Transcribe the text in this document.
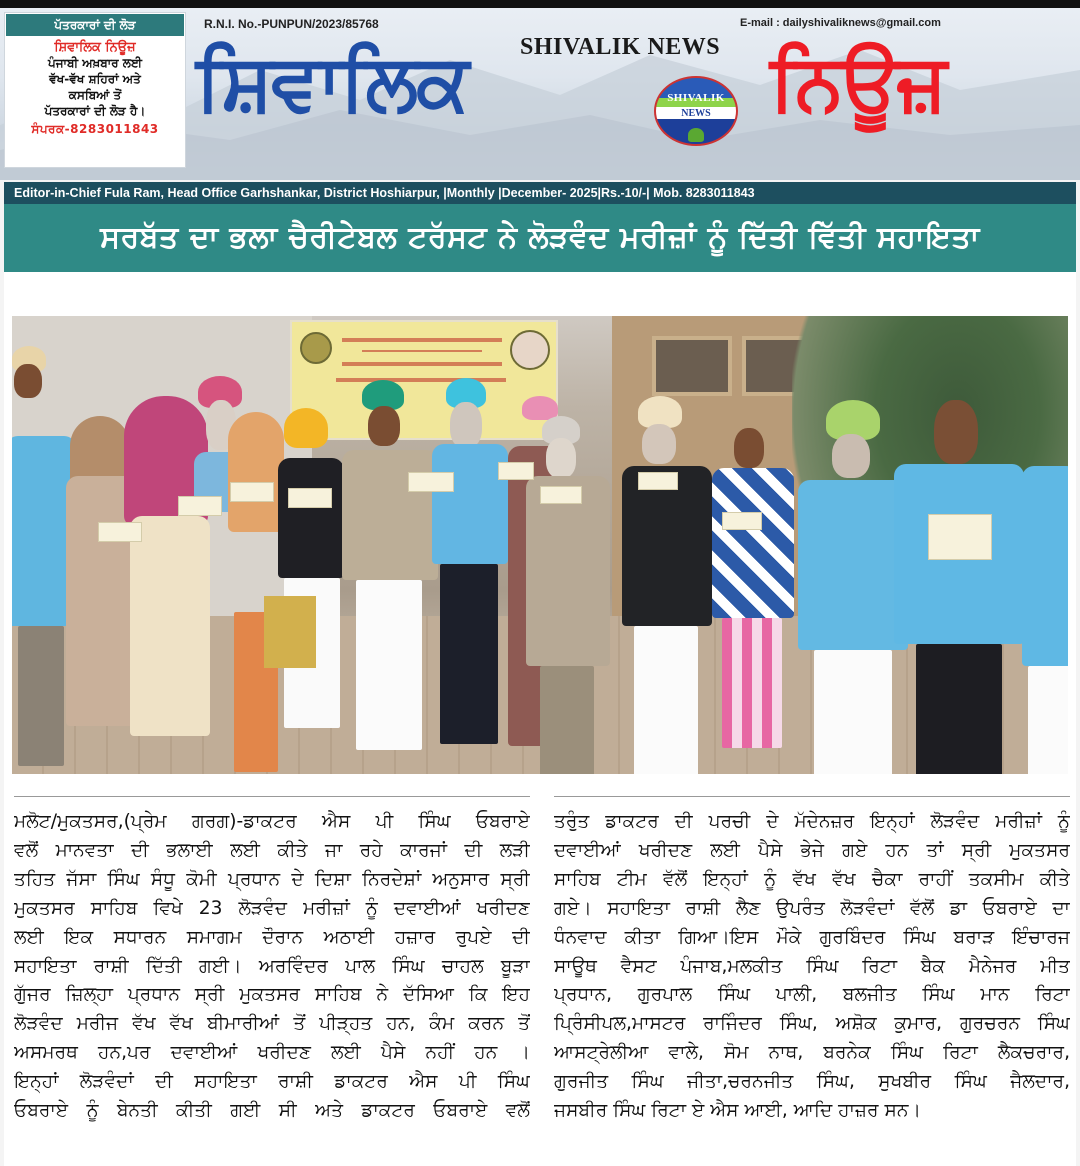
ਪੱਤਰਕਾਰਾਂ ਦੀ ਲੋੜ
ਸ਼ਿਵਾਲਿਕ ਨਿਊਜ਼
ਪੰਜਾਬੀ ਅਖ਼ਬਾਰ ਲਈ
ਵੱਖ-ਵੱਖ ਸ਼ਹਿਰਾਂ ਅਤੇ
ਕਸਬਿਆਂ ਤੋਂ
ਪੱਤਰਕਾਰਾਂ ਦੀ ਲੋੜ ਹੈ।
ਸੰਪਰਕ-8283011843
R.N.I. No.-PUNPUN/2023/85768	E-mail : dailyshivaliknews@gmail.com
SHIVALIK NEWS
ਸ਼ਿਵਾਲਿਕ	SHIVALIK
NEWS ਨਿਊਜ਼
Editor-in-Chief Fula Ram, Head Office Garhshankar, District Hoshiarpur, |Monthly |December- 2025|Rs.-10/-| Mob. 8283011843
ਸਰਬੱਤ ਦਾ ਭਲਾ ਚੈਰੀਟੇਬਲ ਟਰੱਸਟ ਨੇ ਲੋੜਵੰਦ ਮਰੀਜ਼ਾਂ ਨੂੰ ਦਿੱਤੀ ਵਿੱਤੀ ਸਹਾਇਤਾ

ਮਲੋਟ/ਮੁਕਤਸਰ,(ਪ੍ਰੇਮ ਗਰਗ)-ਡਾਕਟਰ ਐਸ ਪੀ ਸਿੰਘ ਓਬਰਾਏ

ਵਲੋਂ ਮਾਨਵਤਾ ਦੀ ਭਲਾਈ ਲਈ ਕੀਤੇ ਜਾ ਰਹੇ ਕਾਰਜਾਂ ਦੀ ਲੜੀ

ਤਹਿਤ ਜੱਸਾ ਸਿੰਘ ਸੰਧੂ ਕੋਮੀ ਪ੍ਰਧਾਨ ਦੇ ਦਿਸ਼ਾ ਨਿਰਦੇਸ਼ਾਂ ਅਨੁਸਾਰ ਸ੍ਰੀ

ਮੁਕਤਸਰ ਸਾਹਿਬ ਵਿਖੇ 23 ਲੋੜਵੰਦ ਮਰੀਜ਼ਾਂ ਨੂੰ ਦਵਾਈਆਂ ਖਰੀਦਣ

ਲਈ ਇਕ ਸਧਾਰਨ ਸਮਾਗਮ ਦੌਰਾਨ ਅਠਾਈ ਹਜ਼ਾਰ ਰੁਪਏ ਦੀ

ਸਹਾਇਤਾ ਰਾਸ਼ੀ ਦਿੱਤੀ ਗਈ। ਅਰਵਿੰਦਰ ਪਾਲ ਸਿੰਘ ਚਾਹਲ ਬੂੜਾ

ਗੁੱਜਰ ਜ਼ਿਲ੍ਹਾ ਪ੍ਰਧਾਨ ਸ੍ਰੀ ਮੁਕਤਸਰ ਸਾਹਿਬ ਨੇ ਦੱਸਿਆ ਕਿ ਇਹ

ਲੋੜਵੰਦ ਮਰੀਜ ਵੱਖ ਵੱਖ ਬੀਮਾਰੀਆਂ ਤੋਂ ਪੀੜ੍ਹਤ ਹਨ, ਕੰਮ ਕਰਨ ਤੋਂ

ਅਸਮਰਥ ਹਨ,ਪਰ ਦਵਾਈਆਂ ਖਰੀਦਣ ਲਈ ਪੈਸੇ ਨਹੀਂ ਹਨ ।

ਇਨ੍ਹਾਂ ਲੋੜਵੰਦਾਂ ਦੀ ਸਹਾਇਤਾ ਰਾਸ਼ੀ ਡਾਕਟਰ ਐਸ ਪੀ ਸਿੰਘ

ਓਬਰਾਏ ਨੂੰ ਬੇਨਤੀ ਕੀਤੀ ਗਈ ਸੀ ਅਤੇ ਡਾਕਟਰ ਓਬਰਾਏ ਵਲੋਂ

ਤਰੁੰਤ ਡਾਕਟਰ ਦੀ ਪਰਚੀ ਦੇ ਮੱਦੇਨਜ਼ਰ ਇਨ੍ਹਾਂ ਲੋੜਵੰਦ ਮਰੀਜ਼ਾਂ ਨੂੰ

ਦਵਾਈਆਂ ਖਰੀਦਣ ਲਈ ਪੈਸੇ ਭੇਜੇ ਗਏ ਹਨ ਤਾਂ ਸ੍ਰੀ ਮੁਕਤਸਰ

ਸਾਹਿਬ ਟੀਮ ਵੱਲੋਂ ਇਨ੍ਹਾਂ ਨੂੰ ਵੱਖ ਵੱਖ ਚੈਕਾ ਰਾਹੀਂ ਤਕਸੀਮ ਕੀਤੇ

ਗਏ। ਸਹਾਇਤਾ ਰਾਸ਼ੀ ਲੈਣ ਉਪਰੰਤ ਲੋੜਵੰਦਾਂ ਵੱਲੋਂ ਡਾ ਓਬਰਾਏ ਦਾ

ਧੰਨਵਾਦ ਕੀਤਾ ਗਿਆ।ਇਸ ਮੌਕੇ ਗੁਰਬਿੰਦਰ ਸਿੰਘ ਬਰਾੜ ਇੰਚਾਰਜ

ਸਾਊਥ ਵੈਸਟ ਪੰਜਾਬ,ਮਲਕੀਤ ਸਿੰਘ ਰਿਟਾ ਬੈਕ ਮੈਨੇਜਰ ਮੀਤ

ਪ੍ਰਧਾਨ, ਗੁਰਪਾਲ ਸਿੰਘ ਪਾਲੀ, ਬਲਜੀਤ ਸਿੰਘ ਮਾਨ ਰਿਟਾ

ਪ੍ਰਿੰਸੀਪਲ,ਮਾਸਟਰ ਰਾਜਿੰਦਰ ਸਿੰਘ, ਅਸ਼ੋਕ ਕੁਮਾਰ, ਗੁਰਚਰਨ ਸਿੰਘ

ਆਸਟ੍ਰੇਲੀਆ ਵਾਲੇ, ਸੋਮ ਨਾਥ, ਬਰਨੇਕ ਸਿੰਘ ਰਿਟਾ ਲੈਕਚਰਾਰ,

ਗੁਰਜੀਤ ਸਿੰਘ ਜੀਤਾ,ਚਰਨਜੀਤ ਸਿੰਘ, ਸੁਖਬੀਰ ਸਿੰਘ ਜੈਲਦਾਰ,

ਜਸਬੀਰ ਸਿੰਘ ਰਿਟਾ ਏ ਐਸ ਆਈ, ਆਦਿ ਹਾਜ਼ਰ ਸਨ।
